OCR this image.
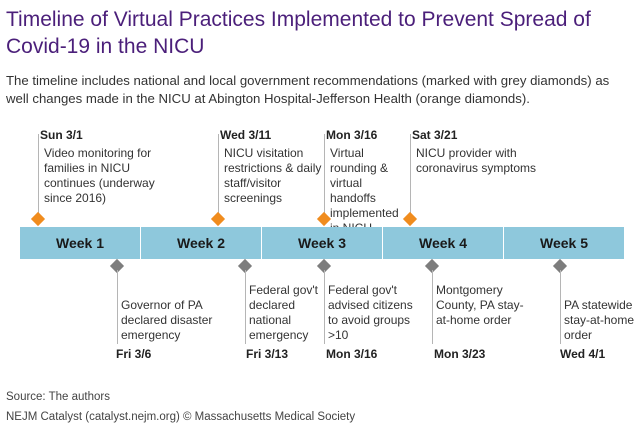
Timeline of Virtual Practices Implemented to Prevent Spread of Covid-19 in the NICU

The timeline includes national and local government recommendations (marked with grey diamonds) as well changes made in the NICU at Abington Hospital-Jefferson Health (orange diamonds).

Sun 3/1
Video monitoring for families in NICU continues (underway since 2016)
Wed 3/11
NICU visitation restrictions & daily staff/visitor screenings
Mon 3/16
Virtual rounding & virtual handoffs implemented
Sat 3/21
NICU provider with coronavirus symptoms
Week 1	Week 2	Week 3	Week 4	Week 5
Governor of PA declared disaster emergency
Fri 3/6
Federal gov't declared national emergency
Fri 3/13
Federal gov't advised citizens to avoid groups >10
Mon 3/16
Montgomery County, PA stay-at-home order
Mon 3/23
PA statewide stay-at-home order
Wed 4/1
Source: The authors
NEJM Catalyst (catalyst.nejm.org) © Massachusetts Medical Society
